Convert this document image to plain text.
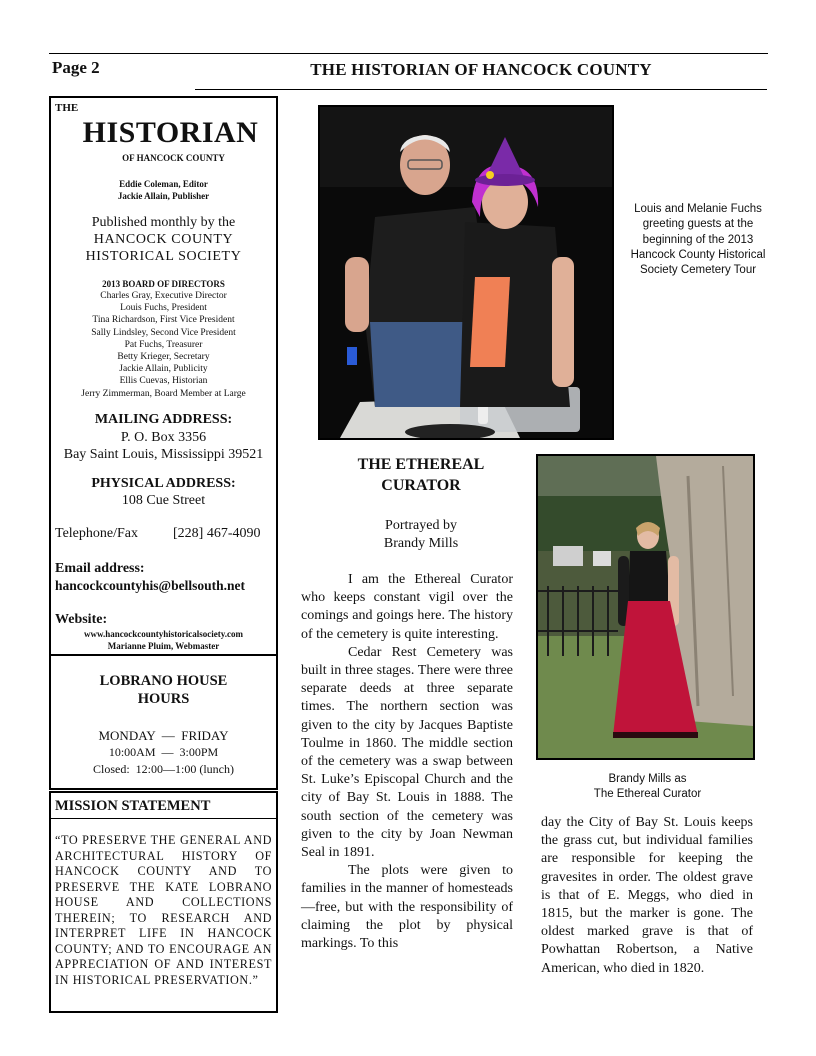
Page 2	THE HISTORIAN OF HANCOCK COUNTY
THE
HISTORIAN
OF HANCOCK COUNTY
Eddie Coleman, Editor
Jackie Allain, Publisher
Published monthly by the
HANCOCK COUNTY
HISTORICAL SOCIETY
2013 BOARD OF DIRECTORS
Charles Gray, Executive Director
Louis Fuchs, President
Tina Richardson, First Vice President
Sally Lindsley, Second Vice President
Pat Fuchs, Treasurer
Betty Krieger, Secretary
Jackie Allain, Publicity
Ellis Cuevas, Historian
Jerry Zimmerman, Board Member at Large
MAILING ADDRESS:
P. O. Box 3356
Bay Saint Louis, Mississippi 39521
PHYSICAL ADDRESS:
108 Cue Street
Telephone/Fax	[228] 467-4090
Email address:
hancockcountyhis@bellsouth.net
Website:
www.hancockcountyhistoricalsociety.com
Marianne Pluim, Webmaster
LOBRANO HOUSE
HOURS
MONDAY  —  FRIDAY
10:00AM  —  3:00PM
Closed:  12:00—1:00 (lunch)
MISSION STATEMENT
“TO PRESERVE THE GENERAL AND ARCHITECTURAL HISTORY OF HANCOCK COUNTY AND TO PRESERVE THE KATE LOBRANO HOUSE AND COLLECTIONS THEREIN; TO RESEARCH AND INTERPRET LIFE IN HANCOCK COUNTY; AND TO ENCOURAGE AN APPRECIATION OF AND INTEREST IN HISTORICAL PRESERVATION.”
Louis and Melanie Fuchs greeting guests at the beginning of the 2013 Hancock County Historical Society Cemetery Tour
THE ETHEREAL
CURATOR
Portrayed by
Brandy Mills
Brandy Mills as
The Ethereal Curator

I am the Ethereal Curator who keeps constant vigil over the comings and goings here. The history of the cemetery is quite interesting.

Cedar Rest Cemetery was built in three stages. There were three separate deeds at three separate times. The northern section was given to the city by Jacques Baptiste Toulme in 1860. The middle section of the cemetery was a swap between St. Luke’s Episcopal Church and the city of Bay St. Louis in 1888. The south section of the cemetery was given to the city by Joan Newman Seal in 1891.

The plots were given to families in the manner of homesteads—free, but with the responsibility of claiming the plot by physical markings. To this

day the City of Bay St. Louis keeps the grass cut, but individual families are responsible for keeping the gravesites in order. The oldest grave is that of E. Meggs, who died in 1815, but the marker is gone. The oldest marked grave is that of Powhattan Robertson, a Native American, who died in 1820.
